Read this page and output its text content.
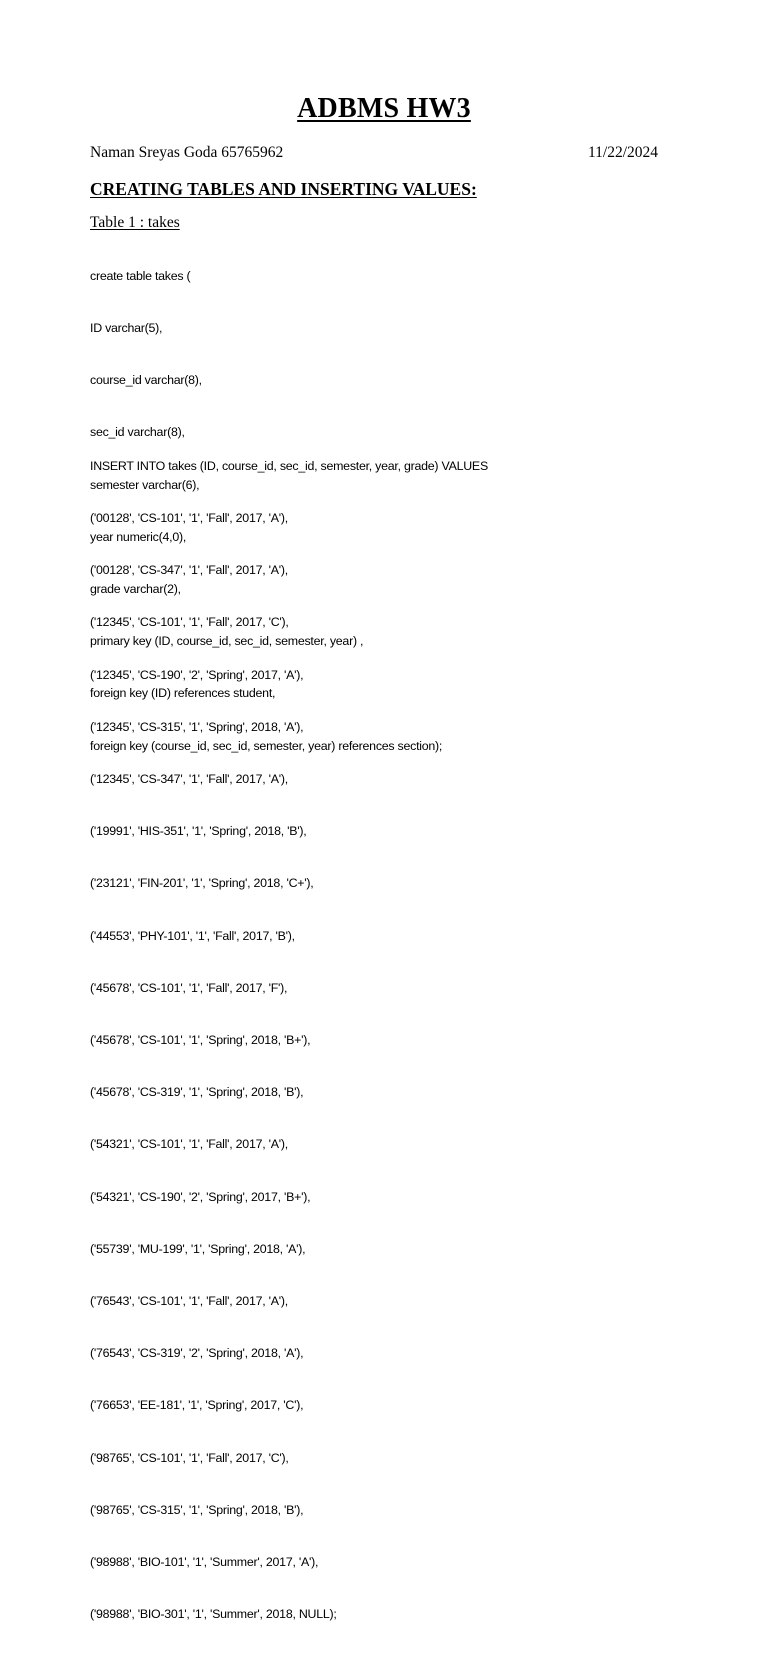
ADBMS HW3
Naman Sreyas Goda 65765962	11/22/2024
CREATING TABLES AND INSERTING VALUES:
Table 1 : takes

create table takes (

ID varchar(5),

course_id varchar(8),

sec_id varchar(8),

semester varchar(6),

year numeric(4,0),

grade varchar(2),

primary key (ID, course_id, sec_id, semester, year) ,

foreign key (ID) references student,

foreign key (course_id, sec_id, semester, year) references section);

INSERT INTO takes (ID, course_id, sec_id, semester, year, grade) VALUES

('00128', 'CS-101', '1', 'Fall', 2017, 'A'),

('00128', 'CS-347', '1', 'Fall', 2017, 'A'),

('12345', 'CS-101', '1', 'Fall', 2017, 'C'),

('12345', 'CS-190', '2', 'Spring', 2017, 'A'),

('12345', 'CS-315', '1', 'Spring', 2018, 'A'),

('12345', 'CS-347', '1', 'Fall', 2017, 'A'),

('19991', 'HIS-351', '1', 'Spring', 2018, 'B'),

('23121', 'FIN-201', '1', 'Spring', 2018, 'C+'),

('44553', 'PHY-101', '1', 'Fall', 2017, 'B'),

('45678', 'CS-101', '1', 'Fall', 2017, 'F'),

('45678', 'CS-101', '1', 'Spring', 2018, 'B+'),

('45678', 'CS-319', '1', 'Spring', 2018, 'B'),

('54321', 'CS-101', '1', 'Fall', 2017, 'A'),

('54321', 'CS-190', '2', 'Spring', 2017, 'B+'),

('55739', 'MU-199', '1', 'Spring', 2018, 'A'),

('76543', 'CS-101', '1', 'Fall', 2017, 'A'),

('76543', 'CS-319', '2', 'Spring', 2018, 'A'),

('76653', 'EE-181', '1', 'Spring', 2017, 'C'),

('98765', 'CS-101', '1', 'Fall', 2017, 'C'),

('98765', 'CS-315', '1', 'Spring', 2018, 'B'),

('98988', 'BIO-101', '1', 'Summer', 2017, 'A'),

('98988', 'BIO-301', '1', 'Summer', 2018, NULL);
